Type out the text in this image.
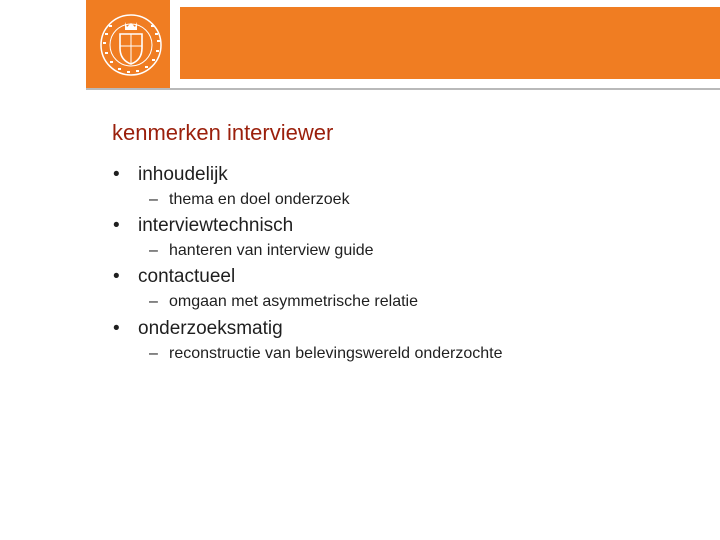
kenmerken interviewer
• inhoudelijk
– thema en doel onderzoek
• interviewtechnisch
– hanteren van interview guide
• contactueel
– omgaan met asymmetrische relatie
• onderzoeksmatig
– reconstructie van belevingswereld onderzochte
